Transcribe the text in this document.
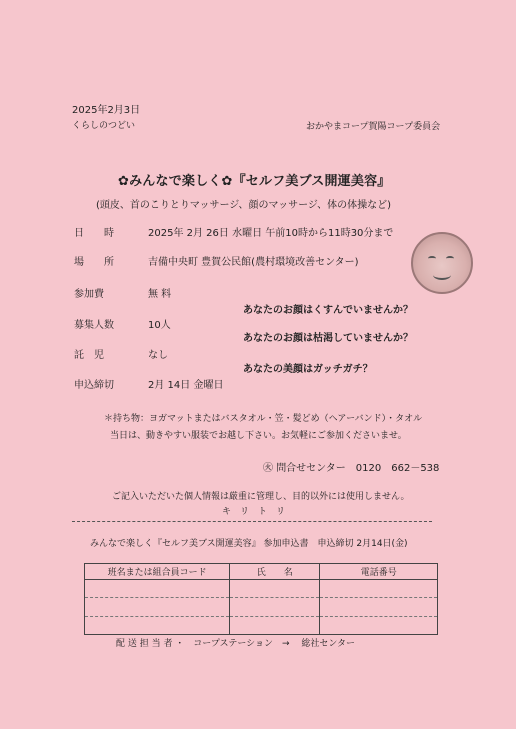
2025年2月3日
くらしのつどい	おかやまコープ賀陽コープ委員会
✿みんなで楽しく✿『セルフ美ブス開運美容』
(頭皮、首のこりとりマッサージ、顔のマッサージ、体の体操など)
日　　時	2025年 2月 26日 水曜日 午前10時から11時30分まで
場　　所	吉備中央町 豊賀公民館(農村環境改善センター)
参加費	無 料
募集人数	10人
託　児	なし
申込締切	2月 14日 金曜日
あなたのお顔はくすんでいませんか？
あなたのお顔は枯渇していませんか？
あなたの美顔はガッチガチ？
＊持ち物：ヨガマットまたはバスタオル・笠・髪どめ（ヘアーバンド）・タオル
当日は、動きやすい服装でお越し下さい。お気軽にご参加くださいませ。
㊋ 問合せセンター　0120　662－538
ご記入いただいた個人情報は厳重に管理し、目的以外には使用しません。
キ　リ　ト　リ
みんなで楽しく『セルフ美ブス開運美容』 参加申込書　申込締切 2月14日(金)
班名または組合員コード	氏　　名	電話番号

配 送 担 当 者 ・　コープステーション　→　 総社センター
